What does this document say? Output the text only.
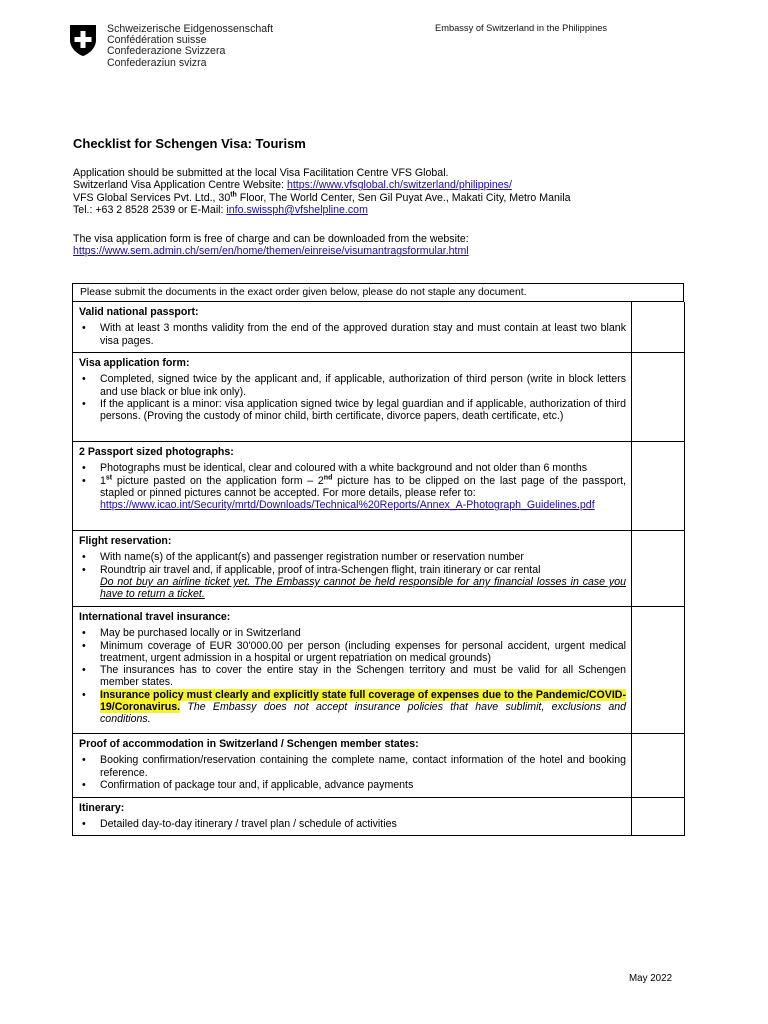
Schweizerische Eidgenossenschaft
Confédération suisse
Confederazione Svizzera
Confederaziun svizra
Embassy of Switzerland in the Philippines
Checklist for Schengen Visa: Tourism
Application should be submitted at the local Visa Facilitation Centre VFS Global.
Switzerland Visa Application Centre Website: https://www.vfsglobal.ch/switzerland/philippines/
VFS Global Services Pvt. Ltd., 30th Floor, The World Center, Sen Gil Puyat Ave., Makati City, Metro Manila
Tel.: +63 2 8528 2539 or E-Mail: info.swissph@vfshelpline.com
The visa application form is free of charge and can be downloaded from the website:
https://www.sem.admin.ch/sem/en/home/themen/einreise/visumantragsformular.html
Please submit the documents in the exact order given below, please do not staple any document.
Valid national passport:
• With at least 3 months validity from the end of the approved duration stay and must contain at least two blank visa pages.
Visa application form:
• Completed, signed twice by the applicant and, if applicable, authorization of third person (write in block letters and use black or blue ink only).
• If the applicant is a minor: visa application signed twice by legal guardian and if applicable, authorization of third persons. (Proving the custody of minor child, birth certificate, divorce papers, death certificate, etc.)
2 Passport sized photographs:
• Photographs must be identical, clear and coloured with a white background and not older than 6 months
• 1st picture pasted on the application form – 2nd picture has to be clipped on the last page of the passport, stapled or pinned pictures cannot be accepted. For more details, please refer to:
https://www.icao.int/Security/mrtd/Downloads/Technical%20Reports/Annex_A-Photograph_Guidelines.pdf
Flight reservation:
• With name(s) of the applicant(s) and passenger registration number or reservation number
• Roundtrip air travel and, if applicable, proof of intra-Schengen flight, train itinerary or car rental
Do not buy an airline ticket yet. The Embassy cannot be held responsible for any financial losses in case you have to return a ticket.
International travel insurance:
• May be purchased locally or in Switzerland
• Minimum coverage of EUR 30'000.00 per person (including expenses for personal accident, urgent medical treatment, urgent admission in a hospital or urgent repatriation on medical grounds)
• The insurances has to cover the entire stay in the Schengen territory and must be valid for all Schengen member states.
• Insurance policy must clearly and explicitly state full coverage of expenses due to the Pandemic/COVID-19/Coronavirus. The Embassy does not accept insurance policies that have sublimit, exclusions and conditions.
Proof of accommodation in Switzerland / Schengen member states:
• Booking confirmation/reservation containing the complete name, contact information of the hotel and booking reference.
• Confirmation of package tour and, if applicable, advance payments
Itinerary:
• Detailed day-to-day itinerary / travel plan / schedule of activities
May 2022
